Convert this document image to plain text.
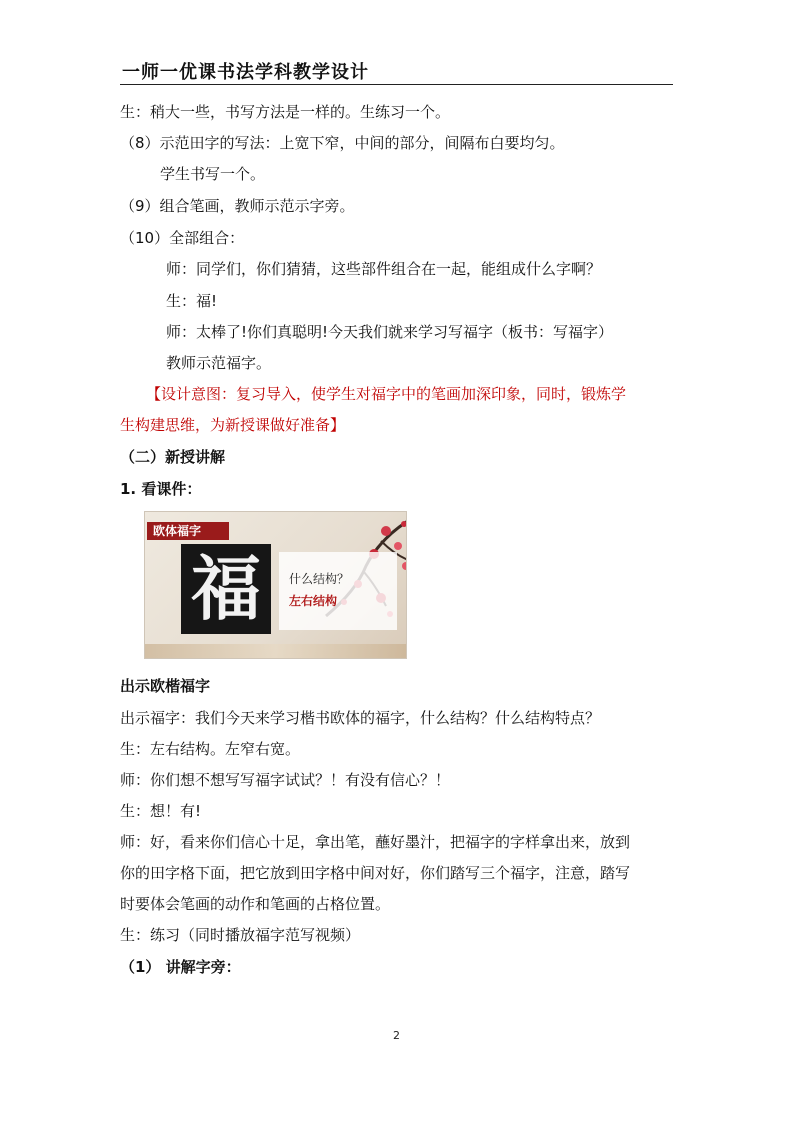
一师一优课书法学科教学设计
生：稍大一些，书写方法是一样的。生练习一个。
（8）示范田字的写法：上宽下窄，中间的部分，间隔布白要均匀。
学生书写一个。
（9）组合笔画，教师示范示字旁。
（10）全部组合：
师：同学们，你们猜猜，这些部件组合在一起，能组成什么字啊？
生：福!
师：太棒了!你们真聪明!今天我们就来学习写福字（板书：写福字）
教师示范福字。
【设计意图：复习导入，使学生对福字中的笔画加深印象，同时，锻炼学
生构建思维，为新授课做好准备】
（二）新授讲解
1. 看课件：
出示欧楷福字
出示福字：我们今天来学习楷书欧体的福字，什么结构？什么结构特点？
生：左右结构。左窄右宽。
师：你们想不想写写福字试试？！有没有信心？！
生：想！有!
师：好，看来你们信心十足，拿出笔，蘸好墨汁，把福字的字样拿出来，放到
你的田字格下面，把它放到田字格中间对好，你们踏写三个福字，注意，踏写
时要体会笔画的动作和笔画的占格位置。
生：练习（同时播放福字范写视频）
（1） 讲解字旁：
欧体福字
福 什么结构？
左右结构
2
